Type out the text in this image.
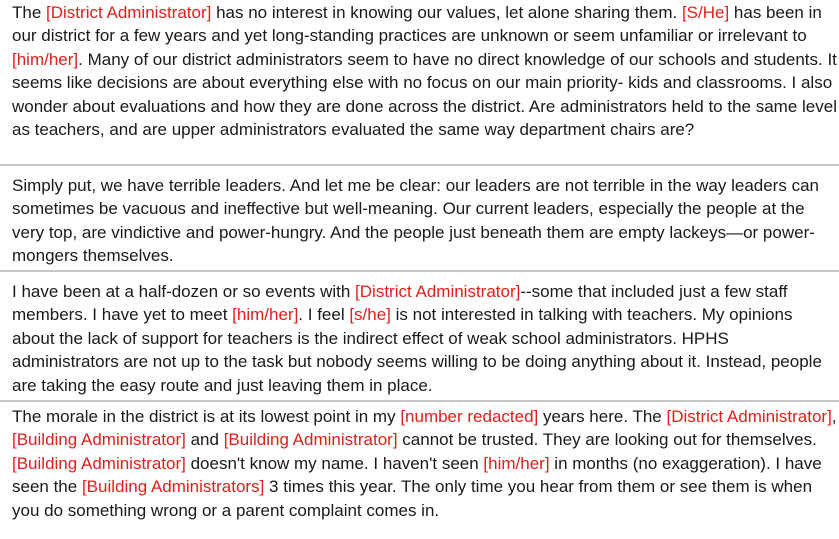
The [District Administrator] has no interest in knowing our values, let alone sharing them. [S/He] has been in our district for a few years and yet long-standing practices are unknown or seem unfamiliar or irrelevant to [him/her]. Many of our district administrators seem to have no direct knowledge of our schools and students. It seems like decisions are about everything else with no focus on our main priority- kids and classrooms. I also wonder about evaluations and how they are done across the district. Are administrators held to the same level as teachers, and are upper administrators evaluated the same way department chairs are?
Simply put, we have terrible leaders. And let me be clear: our leaders are not terrible in the way leaders can sometimes be vacuous and ineffective but well-meaning. Our current leaders, especially the people at the very top, are vindictive and power-hungry. And the people just beneath them are empty lackeys—or power-mongers themselves.
I have been at a half-dozen or so events with [District Administrator]--some that included just a few staff members. I have yet to meet [him/her]. I feel [s/he] is not interested in talking with teachers. My opinions about the lack of support for teachers is the indirect effect of weak school administrators. HPHS administrators are not up to the task but nobody seems willing to be doing anything about it. Instead, people are taking the easy route and just leaving them in place.
The morale in the district is at its lowest point in my [number redacted] years here. The [District Administrator], [Building Administrator] and [Building Administrator] cannot be trusted. They are looking out for themselves. [Building Administrator] doesn't know my name. I haven't seen [him/her] in months (no exaggeration). I have seen the [Building Administrators] 3 times this year. The only time you hear from them or see them is when you do something wrong or a parent complaint comes in.
